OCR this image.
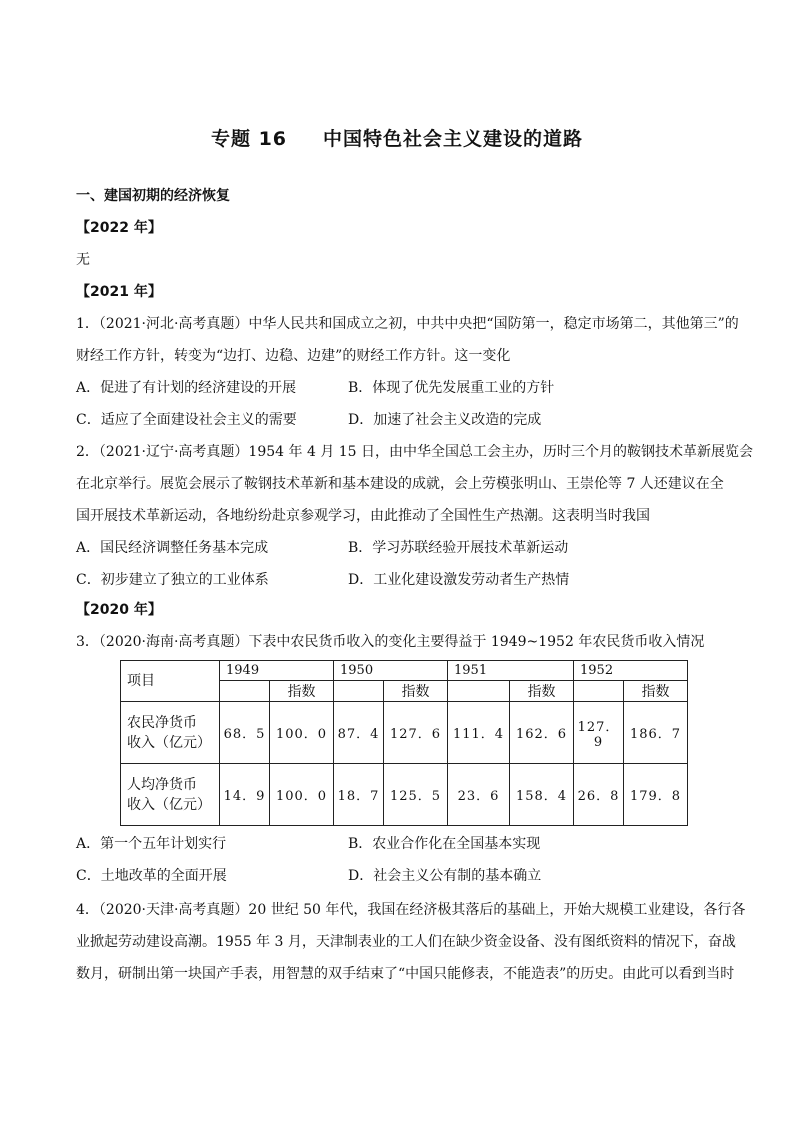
专题 16 中国特色社会主义建设的道路
一、建国初期的经济恢复
【2022 年】
无
【2021 年】
1．（2021·河北·高考真题）中华人民共和国成立之初，中共中央把“国防第一，稳定市场第二，其他第三”的
财经工作方针，转变为“边打、边稳、边建”的财经工作方针。这一变化
A．促进了有计划的经济建设的开展	B．体现了优先发展重工业的方针
C．适应了全面建设社会主义的需要	D．加速了社会主义改造的完成
2．（2021·辽宁·高考真题）1954 年 4 月 15 日，由中华全国总工会主办，历时三个月的鞍钢技术革新展览会
在北京举行。展览会展示了鞍钢技术革新和基本建设的成就，会上劳模张明山、王崇伦等 7 人还建议在全
国开展技术革新运动，各地纷纷赴京参观学习，由此推动了全国性生产热潮。这表明当时我国
A．国民经济调整任务基本完成	B．学习苏联经验开展技术革新运动
C．初步建立了独立的工业体系	D．工业化建设激发劳动者生产热情
【2020 年】
3．（2020·海南·高考真题）下表中农民货币收入的变化主要得益于 1949~1952 年农民货币收入情况
项目	1949		1950		1951		1952	
		指数		指数		指数		指数

农民净货币
收入（亿元）	68．5	100．0	87．4	127．6	111．4	162．6	127．9	186．7

人均净货币
收入（亿元）	14．9	100．0	18．7	125．5	23．6	158．4	26．8	179．8
A．第一个五年计划实行	B．农业合作化在全国基本实现
C．土地改革的全面开展	D．社会主义公有制的基本确立
4．（2020·天津·高考真题）20 世纪 50 年代，我国在经济极其落后的基础上，开始大规模工业建设，各行各
业掀起劳动建设高潮。1955 年 3 月，天津制表业的工人们在缺少资金设备、没有图纸资料的情况下，奋战
数月，研制出第一块国产手表，用智慧的双手结束了“中国只能修表，不能造表”的历史。由此可以看到当时
